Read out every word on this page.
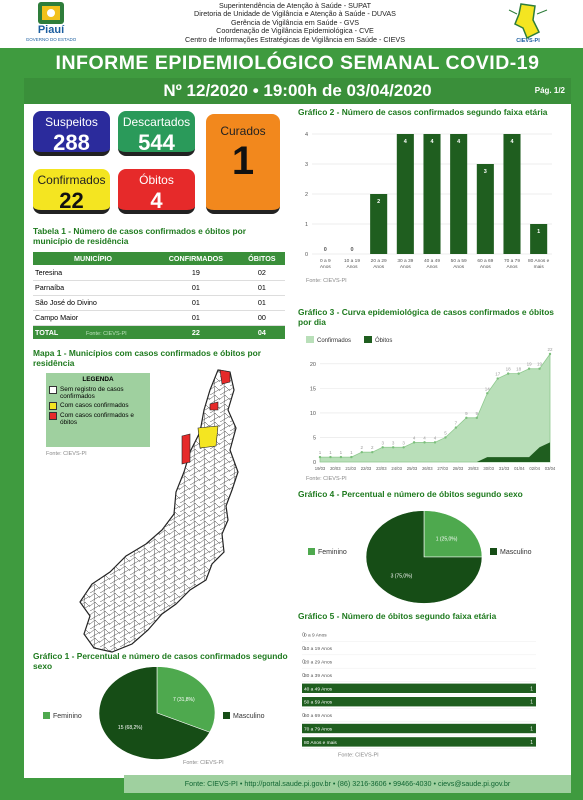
Piauí
GOVERNO DO ESTADO
Superintendência de Atenção à Saúde - SUPAT
Diretoria de Unidade de Vigilância e Atenção à Saúde - DUVAS
Gerência de Vigilância em Saúde - GVS
Coordenação de Vigilância Epidemiológica - CVE
Centro de Informações Estratégicas de Vigilância em Saúde - CIEVS	CIEVS-PI
INFORME EPIDEMIOLÓGICO SEMANAL COVID-19
Nº 12/2020 • 19:00h de 03/04/2020	Pág. 1/2
Suspeitos
288
Descartados
544	Curados
1
Confirmados
22
Óbitos
4
Tabela 1 - Número de casos confirmados e óbitos por município de residência
MUNICÍPIO	CONFIRMADOS	ÓBITOS
Teresina	19	02
Parnaíba	01	01
São José do Divino	01	01
Campo Maior	01	00
TOTAL	22	04
Fonte: CIEVS-PI
Mapa 1 - Municípios com casos confirmados e óbitos por residência
LEGENDA
Sem registro de casos confirmados
Com casos confirmados
Com casos confirmados e óbitos
Fonte: CIEVS-PI
Gráfico 1 - Percentual e número de casos confirmados segundo sexo
7 (31,8%)
15 (68,2%)
Feminino	Masculino
Fonte: CIEVS-PI
Gráfico 2 - Número de casos confirmados segundo faixa etária
0
1
2
3
4
0
0 a 9
Anos
0
10 a 19
Anos
2
20 a 29
Anos
4
30 a 39
Anos
4
40 a 49
Anos
4
50 a 59
Anos
3
60 a 69
Anos
4
70 a 79
Anos
1
80 Anos e
mais
Fonte: CIEVS-PI
Gráfico 3 - Curva epidemiológica de casos confirmados e óbitos por dia
Confirmados	Óbitos
0
5
10
15
20
1 1 1 1
2 2
3 3 3
4 4 4
5
7
9 9
14
17
18 18
19 19
22
19/03 20/03 21/03 22/03 23/03 24/03 25/03 26/03 27/03 28/03 29/03 30/03 31/03 01/04 02/04 03/04
Fonte: CIEVS-PI
Gráfico 4 - Percentual e número de óbitos segundo sexo
1 (25,0%)
3 (75,0%)
Feminino	Masculino
Gráfico 5 - Número de óbitos segundo faixa etária
0 a 9 Anos
0
10 a 19 Anos
0
20 a 29 Anos
0
30 a 39 Anos
0
40 a 49 Anos	1
50 a 59 Anos	1
60 a 69 Anos
0
70 a 79 Anos	1
80 Anos e mais	1
Fonte: CIEVS-PI
Fonte: CIEVS-PI • http://portal.saude.pi.gov.br • (86) 3216-3606 • 99466-4030 • cievs@saude.pi.gov.br
